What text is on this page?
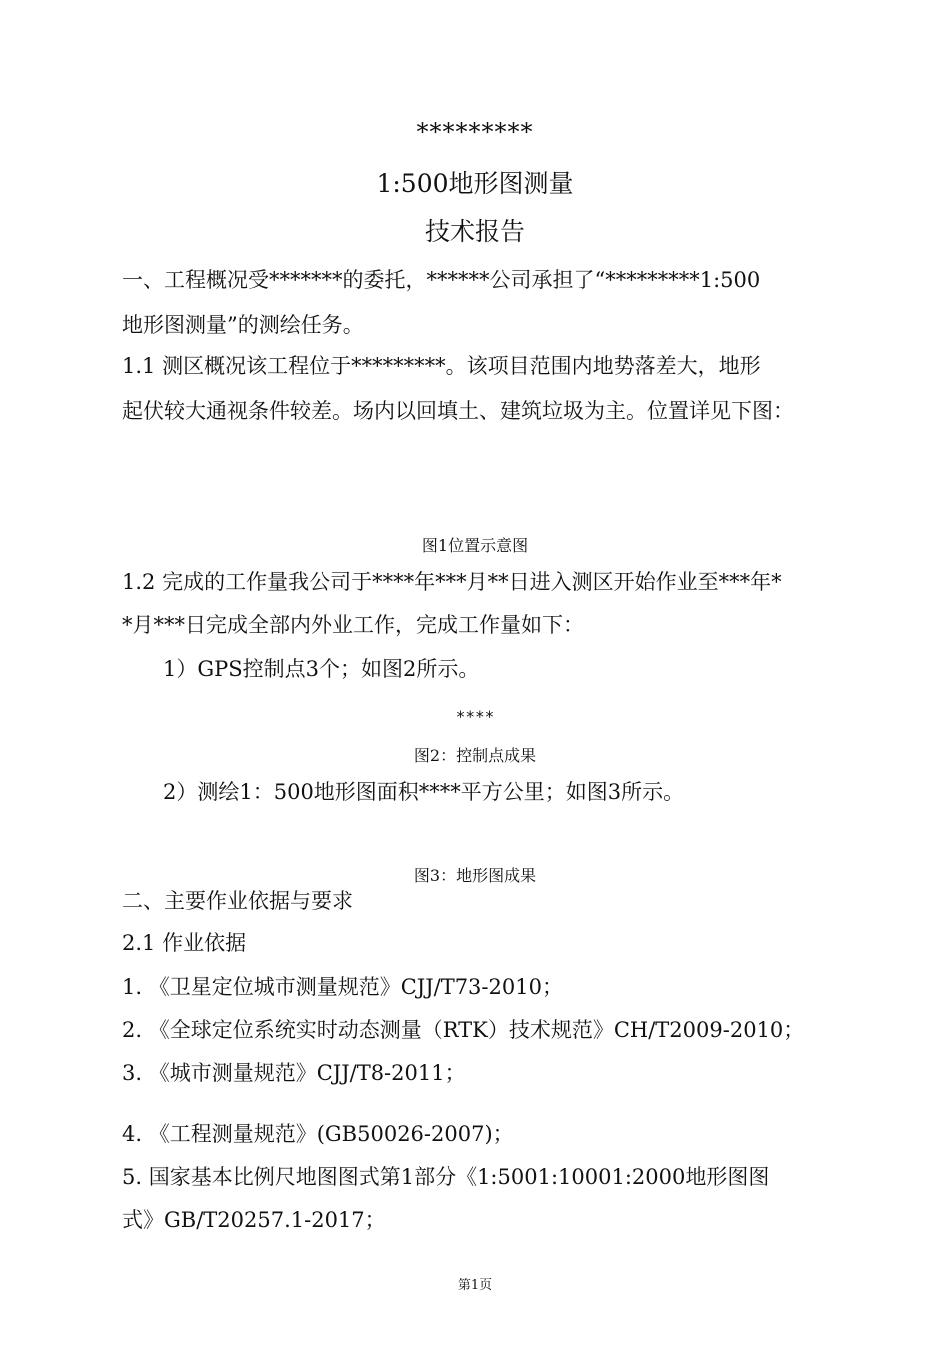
*********
1:500地形图测量
技术报告
一、工程概况受*******的委托，******公司承担了“*********1:500
地形图测量”的测绘任务。
1.1 测区概况该工程位于*********。该项目范围内地势落差大，地形
起伏较大通视条件较差。场内以回填土、建筑垃圾为主。位置详见下图：
图1位置示意图
1.2 完成的工作量我公司于****年***月**日进入测区开始作业至***年*
*月***日完成全部内外业工作，完成工作量如下：
1）GPS控制点3个；如图2所示。
****
图2：控制点成果
2）测绘1：500地形图面积****平方公里；如图3所示。
图3：地形图成果
二、主要作业依据与要求
2.1 作业依据
1. 《卫星定位城市测量规范》CJJ/T73-2010；
2. 《全球定位系统实时动态测量（RTK）技术规范》CH/T2009-2010；
3. 《城市测量规范》CJJ/T8-2011；
4. 《工程测量规范》(GB50026-2007)；
5. 国家基本比例尺地图图式第1部分《1:5001:10001:2000地形图图
式》GB/T20257.1-2017；
第1页
